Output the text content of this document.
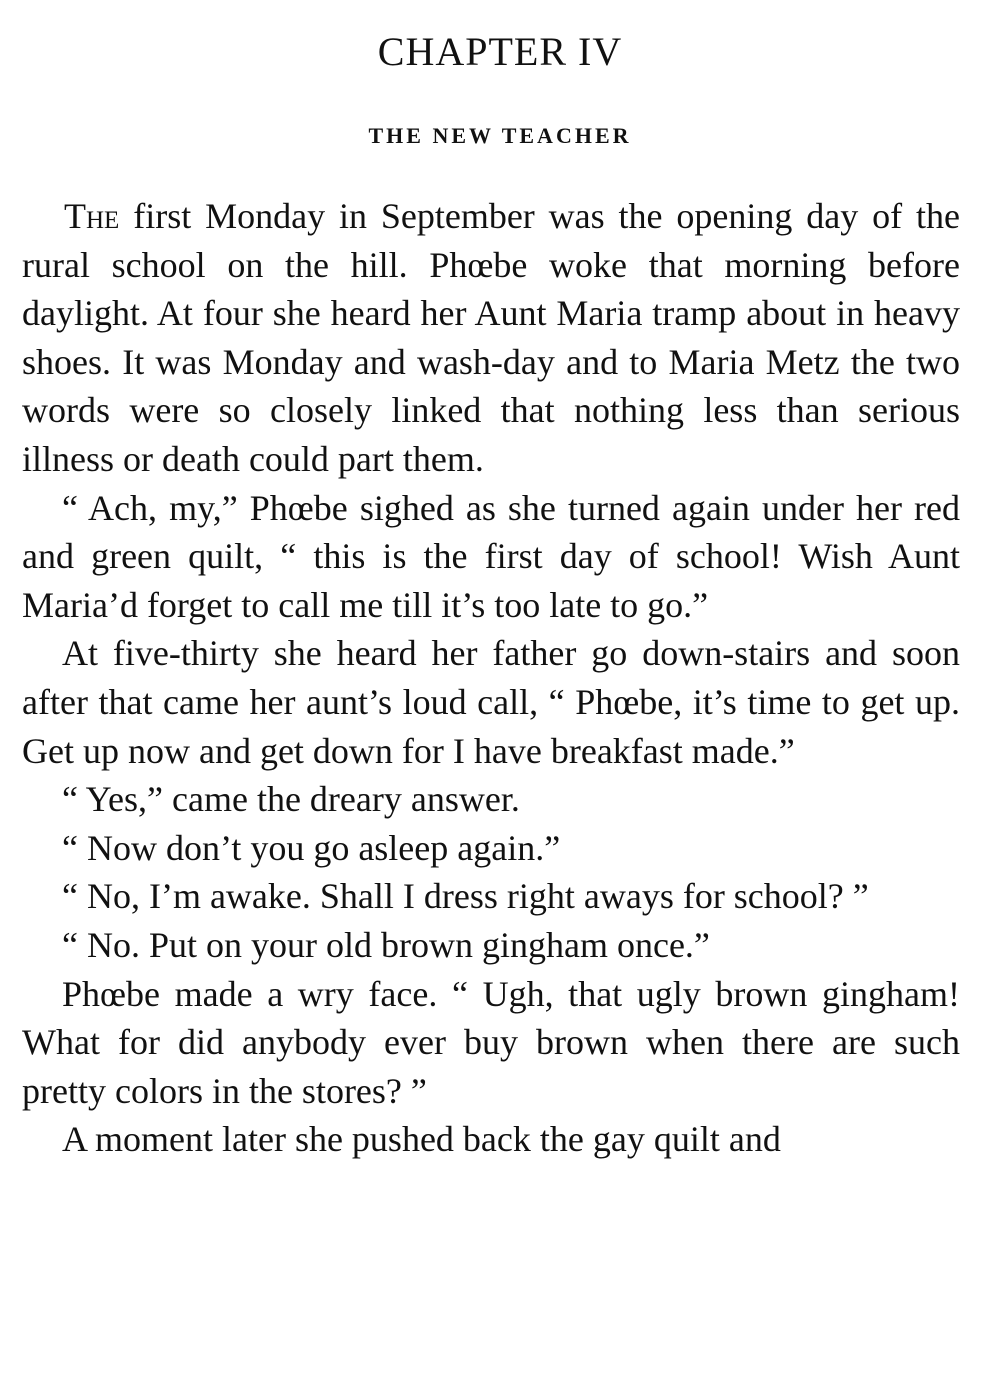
CHAPTER IV
THE NEW TEACHER

The first Monday in September was the opening day of the rural school on the hill. Phœbe woke that morning before daylight. At four she heard her Aunt Maria tramp about in heavy shoes. It was Monday and wash-day and to Maria Metz the two words were so closely linked that nothing less than serious illness or death could part them.

“ Ach, my,” Phœbe sighed as she turned again under her red and green quilt, “ this is the first day of school! Wish Aunt Maria’d forget to call me till it’s too late to go.”

At five-thirty she heard her father go down-stairs and soon after that came her aunt’s loud call, “ Phœbe, it’s time to get up. Get up now and get down for I have breakfast made.”

“ Yes,” came the dreary answer.

“ Now don’t you go asleep again.”

“ No, I’m awake. Shall I dress right aways for school? ”

“ No. Put on your old brown gingham once.”

Phœbe made a wry face. “ Ugh, that ugly brown gingham! What for did anybody ever buy brown when there are such pretty colors in the stores? ”

A moment later she pushed back the gay quilt and
